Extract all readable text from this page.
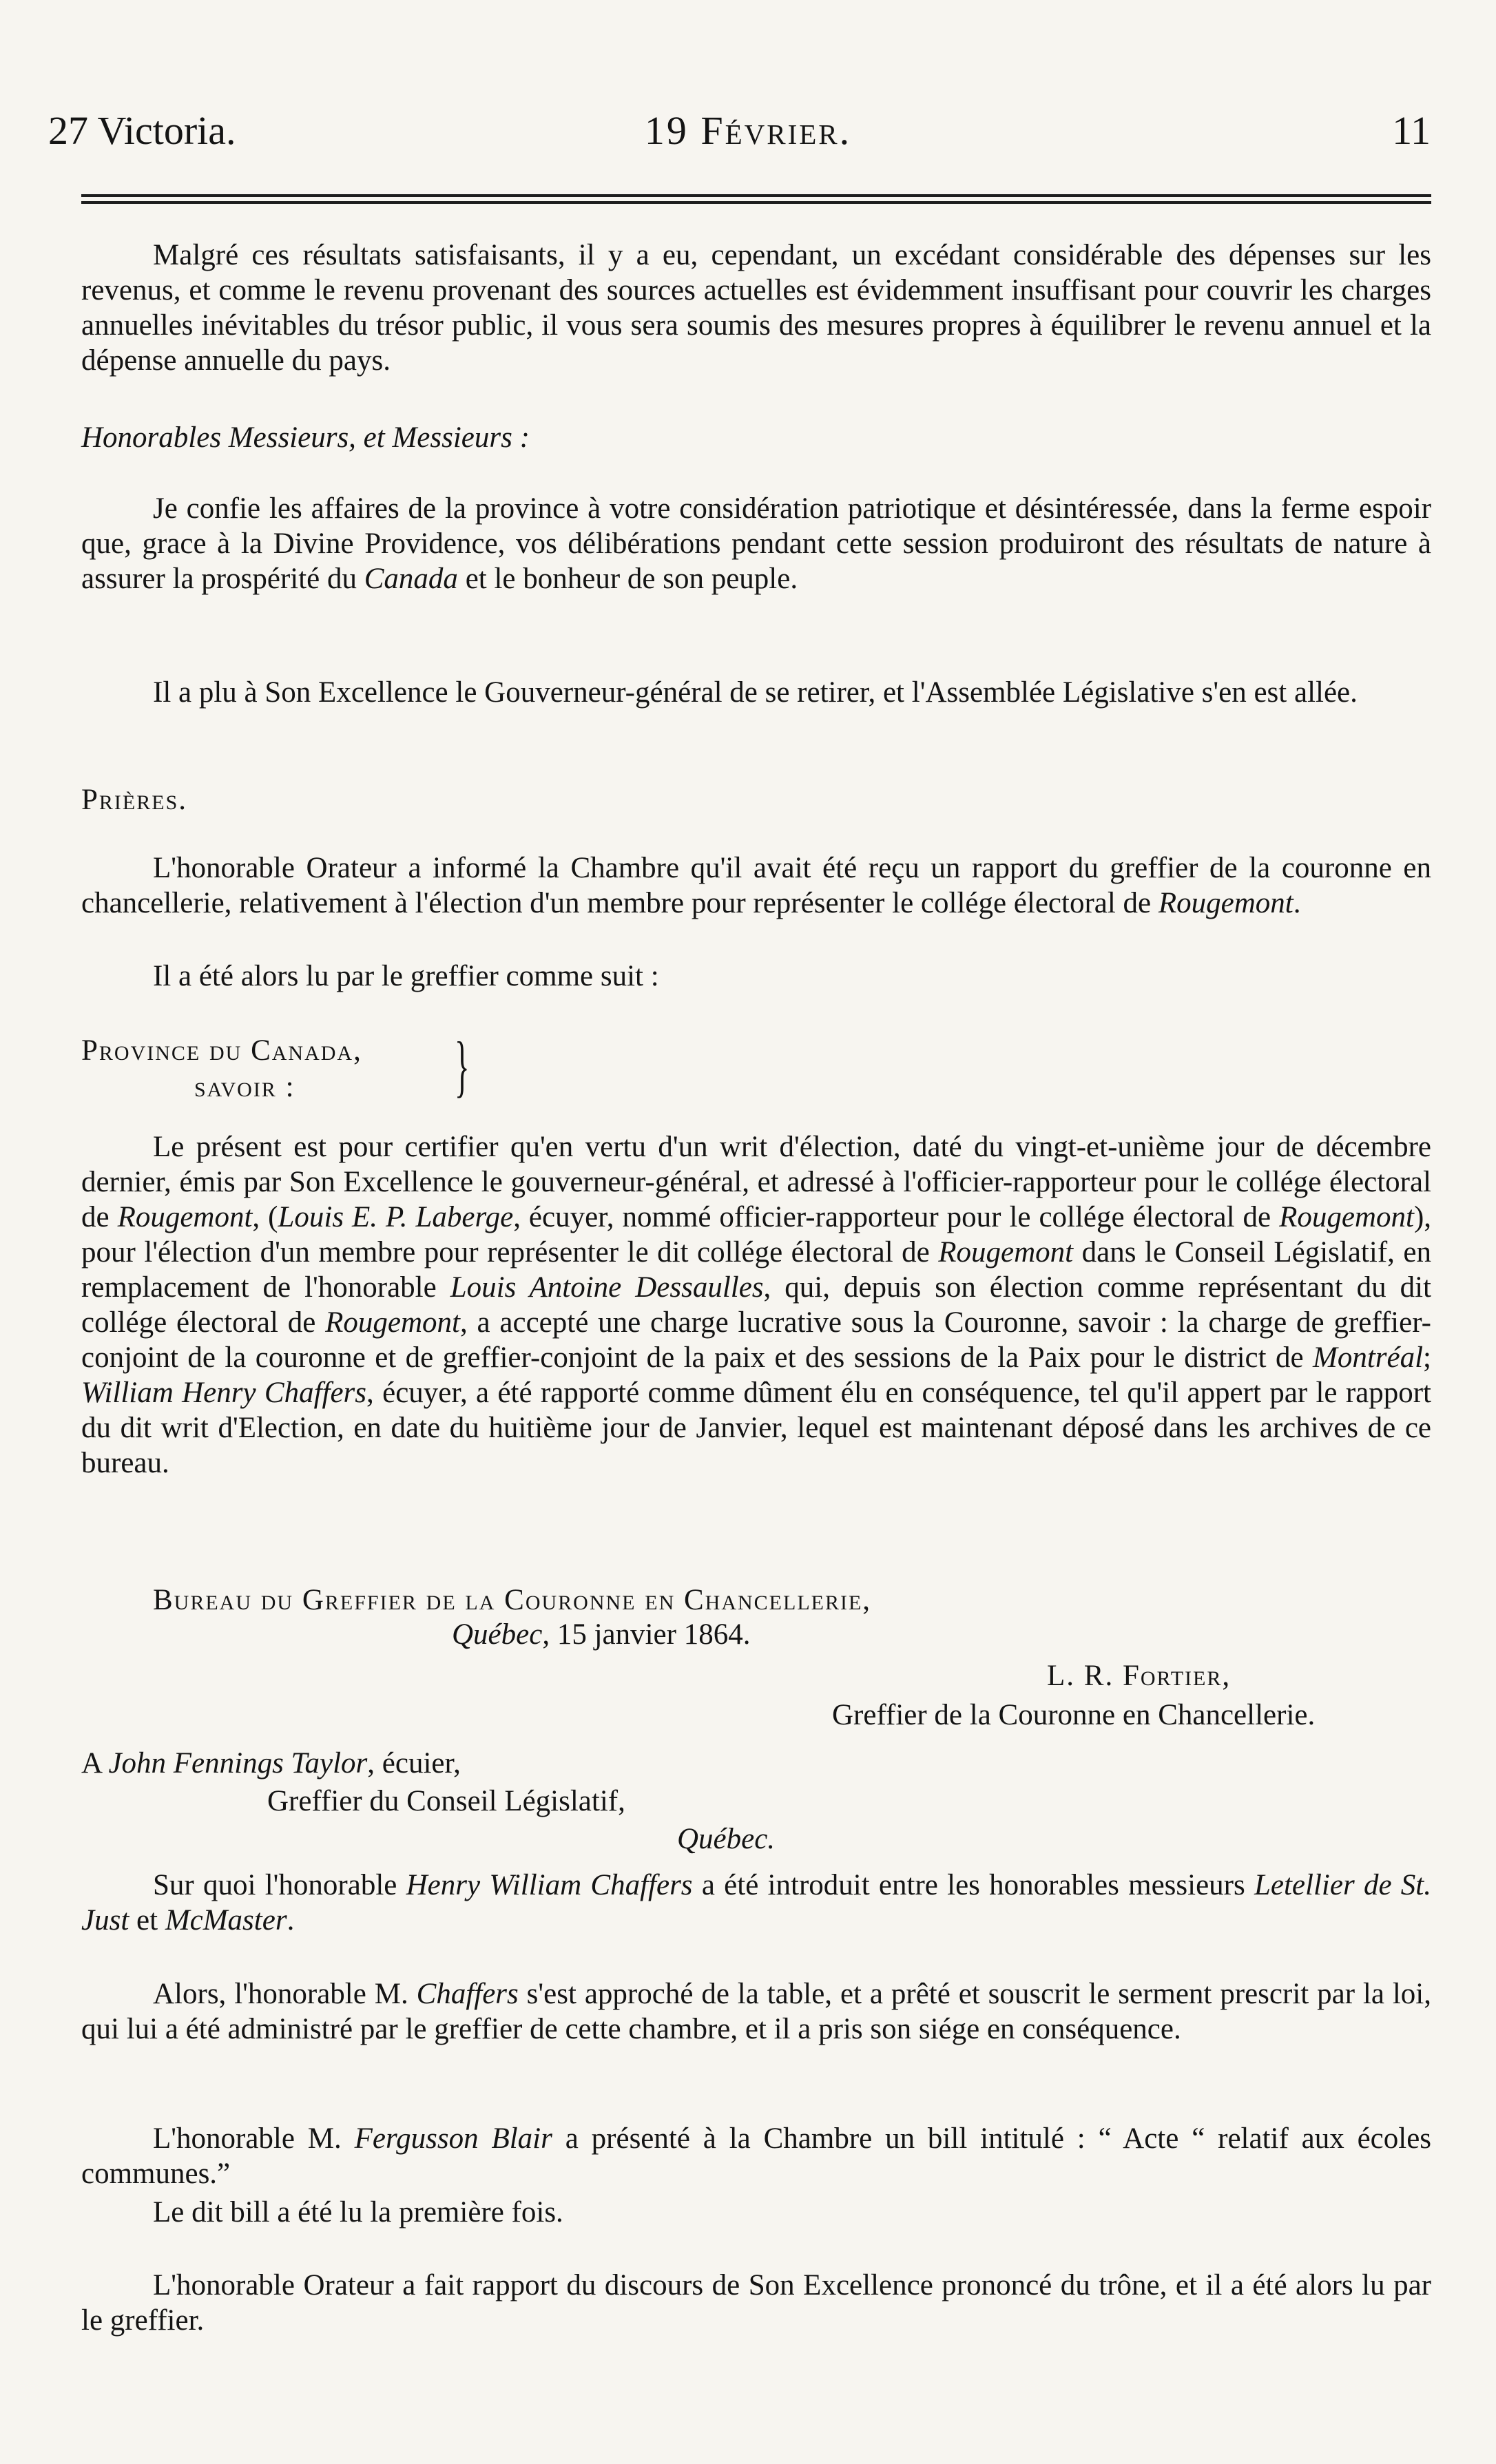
27 Victoria.	19 Février.	11
Malgré ces résultats satisfaisants, il y a eu, cependant, un excédant considérable des dépenses sur les revenus, et comme le revenu provenant des sources actuelles est évidemment insuffisant pour couvrir les charges annuelles inévitables du trésor public, il vous sera soumis des mesures propres à équilibrer le revenu annuel et la dépense annuelle du pays.
Honorables Messieurs, et Messieurs :
Je confie les affaires de la province à votre considération patriotique et désintéressée, dans la ferme espoir que, grace à la Divine Providence, vos délibérations pendant cette session produiront des résultats de nature à assurer la prospérité du Canada et le bonheur de son peuple.
Il a plu à Son Excellence le Gouverneur-général de se retirer, et l'Assemblée Législative s'en est allée.
Prières.
L'honorable Orateur a informé la Chambre qu'il avait été reçu un rapport du greffier de la couronne en chancellerie, relativement à l'élection d'un membre pour représenter le collége électoral de Rougemont.
Il a été alors lu par le greffier comme suit :
Province du Canada,
savoir : }
Le présent est pour certifier qu'en vertu d'un writ d'élection, daté du vingt-et-unième jour de décembre dernier, émis par Son Excellence le gouverneur-général, et adressé à l'officier-rapporteur pour le collége électoral de Rougemont, (Louis E. P. Laberge, écuyer, nommé officier-rapporteur pour le collége électoral de Rougemont), pour l'élection d'un membre pour représenter le dit collége électoral de Rougemont dans le Conseil Législatif, en remplacement de l'honorable Louis Antoine Dessaulles, qui, depuis son élection comme représentant du dit collége électoral de Rougemont, a accepté une charge lucrative sous la Couronne, savoir : la charge de greffier-conjoint de la couronne et de greffier-conjoint de la paix et des sessions de la Paix pour le district de Montréal; William Henry Chaffers, écuyer, a été rapporté comme dûment élu en conséquence, tel qu'il appert par le rapport du dit writ d'Election, en date du huitième jour de Janvier, lequel est maintenant déposé dans les archives de ce bureau.
Bureau du Greffier de la Couronne en Chancellerie,
Québec, 15 janvier 1864.
L. R. Fortier,
Greffier de la Couronne en Chancellerie.
A John Fennings Taylor, écuier,
Greffier du Conseil Législatif,
Québec.
Sur quoi l'honorable Henry William Chaffers a été introduit entre les honorables messieurs Letellier de St. Just et McMaster.
Alors, l'honorable M. Chaffers s'est approché de la table, et a prêté et souscrit le serment prescrit par la loi, qui lui a été administré par le greffier de cette chambre, et il a pris son siége en conséquence.
L'honorable M. Fergusson Blair a présenté à la Chambre un bill intitulé : “ Acte “ relatif aux écoles communes.”
Le dit bill a été lu la première fois.
L'honorable Orateur a fait rapport du discours de Son Excellence prononcé du trône, et il a été alors lu par le greffier.
